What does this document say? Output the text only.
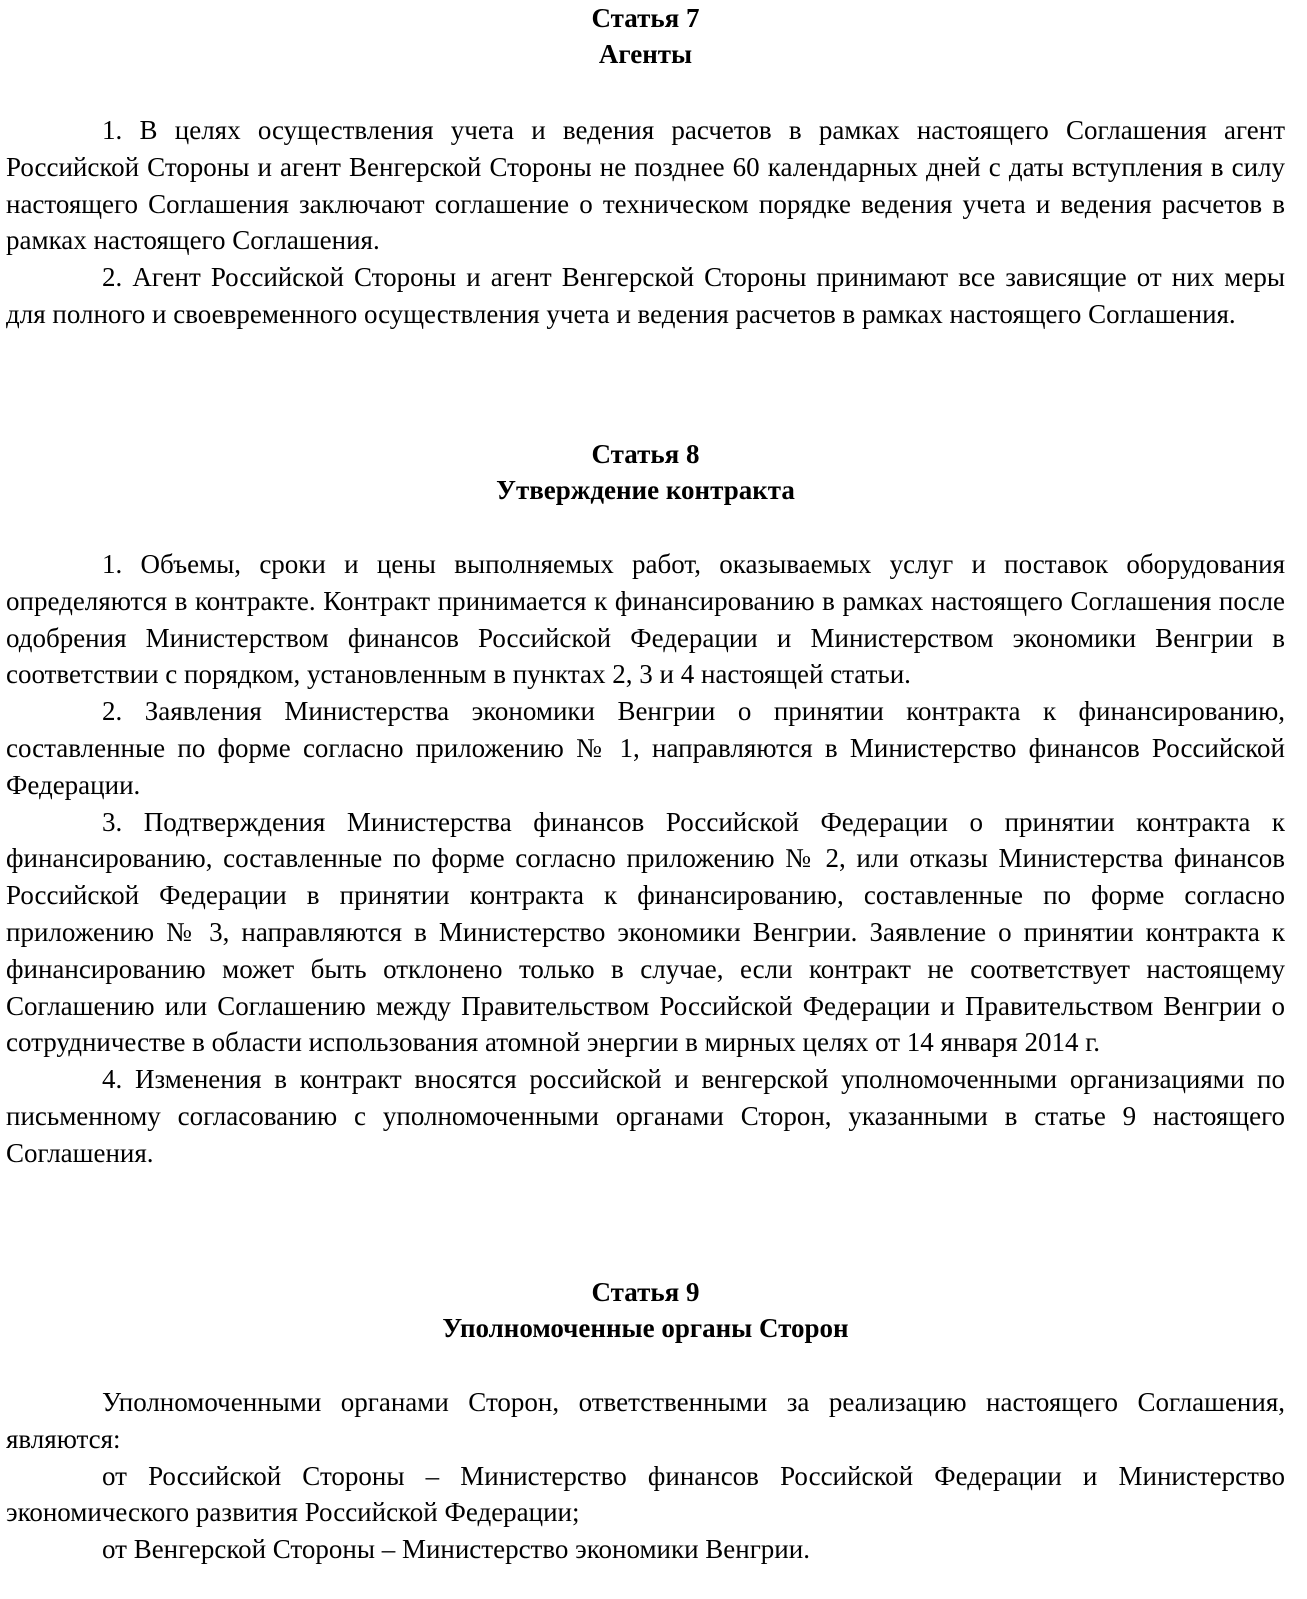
Статья 7
Агенты

1. В целях осуществления учета и ведения расчетов в рамках настоящего Соглашения агент Российской Стороны и агент Венгерской Стороны не позднее 60 календарных дней с даты вступления в силу настоящего Соглашения заключают соглашение о техническом порядке ведения учета и ведения расчетов в рамках настоящего Соглашения.

2. Агент Российской Стороны и агент Венгерской Стороны принимают все зависящие от них меры для полного и своевременного осуществления учета и ведения расчетов в рамках настоящего Соглашения.

Статья 8
Утверждение контракта

1. Объемы, сроки и цены выполняемых работ, оказываемых услуг и поставок оборудования определяются в контракте. Контракт принимается к финансированию в рамках настоящего Соглашения после одобрения Министерством финансов Российской Федерации и Министерством экономики Венгрии в соответствии с порядком, установленным в пунктах 2, 3 и 4 настоящей статьи.

2. Заявления Министерства экономики Венгрии о принятии контракта к финансированию, составленные по форме согласно приложению № 1, направляются в Министерство финансов Российской Федерации.

3. Подтверждения Министерства финансов Российской Федерации о принятии контракта к финансированию, составленные по форме согласно приложению № 2, или отказы Министерства финансов Российской Федерации в принятии контракта к финансированию, составленные по форме согласно приложению № 3, направляются в Министерство экономики Венгрии. Заявление о принятии контракта к финансированию может быть отклонено только в случае, если контракт не соответствует настоящему Соглашению или Соглашению между Правительством Российской Федерации и Правительством Венгрии о сотрудничестве в области использования атомной энергии в мирных целях от 14 января 2014 г.

4. Изменения в контракт вносятся российской и венгерской уполномоченными организациями по письменному согласованию с уполномоченными органами Сторон, указанными в статье 9 настоящего Соглашения.

Статья 9
Уполномоченные органы Сторон

Уполномоченными органами Сторон, ответственными за реализацию настоящего Соглашения, являются:

от Российской Стороны – Министерство финансов Российской Федерации и Министерство экономического развития Российской Федерации;

от Венгерской Стороны – Министерство экономики Венгрии.
